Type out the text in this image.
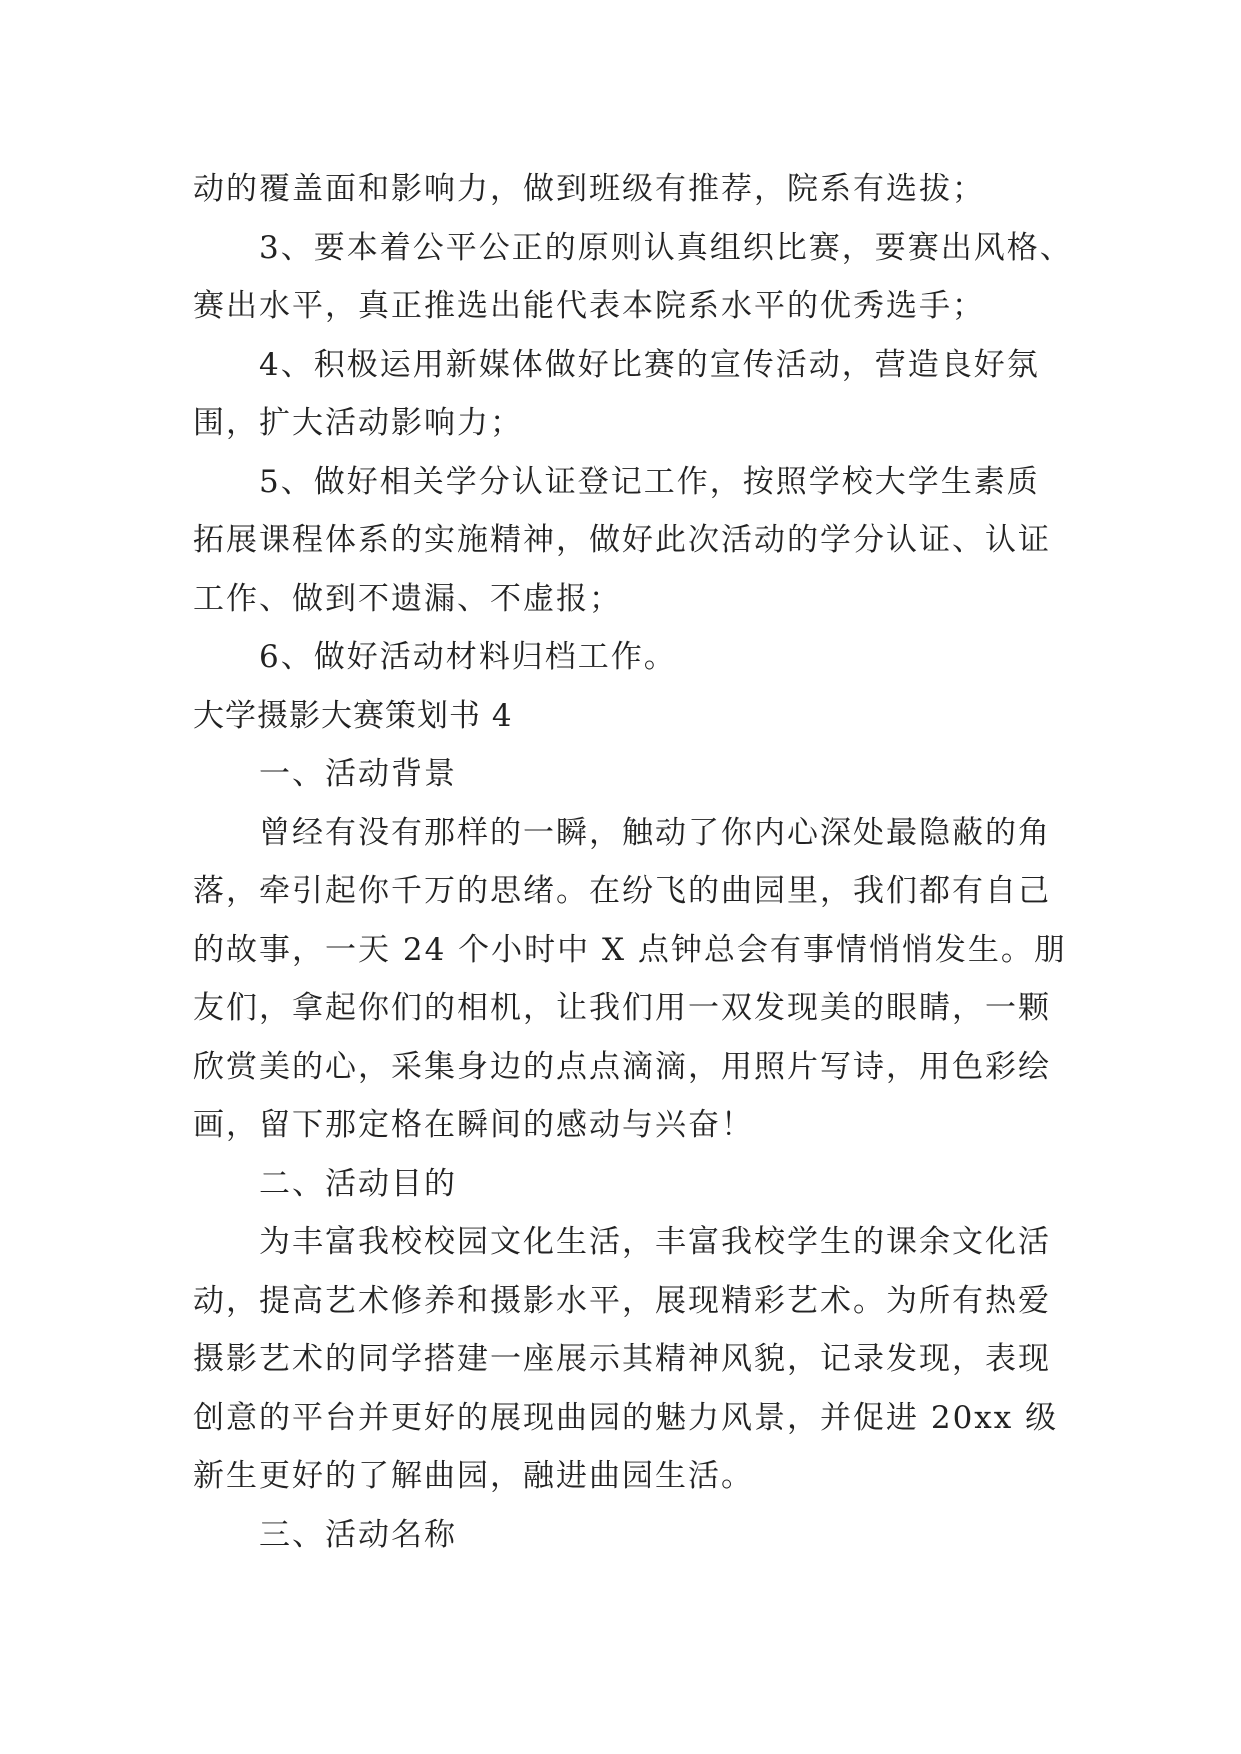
动的覆盖面和影响力，做到班级有推荐，院系有选拔；
　　3、要本着公平公正的原则认真组织比赛，要赛出风格、
赛出水平，真正推选出能代表本院系水平的优秀选手；
　　4、积极运用新媒体做好比赛的宣传活动，营造良好氛
围，扩大活动影响力；
　　5、做好相关学分认证登记工作，按照学校大学生素质
拓展课程体系的实施精神，做好此次活动的学分认证、认证
工作、做到不遗漏、不虚报；
　　6、做好活动材料归档工作。
大学摄影大赛策划书 4
　　一、活动背景
　　曾经有没有那样的一瞬，触动了你内心深处最隐蔽的角
落，牵引起你千万的思绪。在纷飞的曲园里，我们都有自己
的故事，一天 24 个小时中 X 点钟总会有事情悄悄发生。朋
友们，拿起你们的相机，让我们用一双发现美的眼睛，一颗
欣赏美的心，采集身边的点点滴滴，用照片写诗，用色彩绘
画，留下那定格在瞬间的感动与兴奋！
　　二、活动目的
　　为丰富我校校园文化生活，丰富我校学生的课余文化活
动，提高艺术修养和摄影水平，展现精彩艺术。为所有热爱
摄影艺术的同学搭建一座展示其精神风貌，记录发现，表现
创意的平台并更好的展现曲园的魅力风景，并促进 20xx 级
新生更好的了解曲园，融进曲园生活。
　　三、活动名称
